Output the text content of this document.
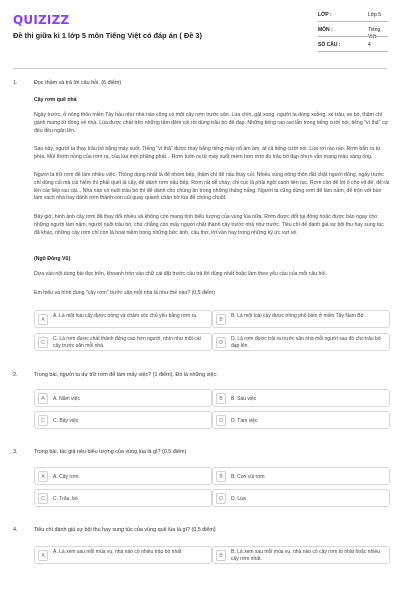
QUIZIZZ
Đề thi giữa kì 1 lớp 5 môn Tiếng Việt có đáp án ( Đề 3)
LỚP :	Lớp 5
MÔN :	Tiếng Việt
SỐ CÂU :	4
1.	Đọc thầm và trả lời câu hỏi. (6 điểm)
Cây rơm quê nhà
Ngày trước, ở nông thôn miền Tây hầu như nhà nào cũng có một cây rơm trước sân. Lúa chín, gặt xong, người ta dùng xuồng, xe trâu, xe bò, thậm chí gánh mang từ đồng về nhà. Lúa được chất trên những tấm đệm cói rồi dùng trâu bò để đạp. Những tiếng rao rao lẫn trong tiếng cười nói, tiếng "vì thả" cự đêu đều ngân lên.
Sau nấy, người ta thay trâu bò bằng máy suốt. Tiếng "vì thả" được thay bằng tiếng máy nổ ầm ầm, át cả tiếng cười nói. Lúa rơi rào rào. Rơm bắn ra tứ phía. Mùi thơm nồng của rơm rạ, của lúa mới phảng phất... Rơm tuôn ra từ máy suốt mềm hơn rơm do trâu bò đạp nhưn vẫn mang màu vàng óng.
Người ta trữ rơm để làm nhiều việc. Thông dụng nhất là để nhóm bếp, thậm chí để nấu thay củi. Nhiều vùng nông thôn đất chật người đông, ngày trước chỉ dùng củi mà củi hiếm thì phải quét lá cây, để dành rơm nấu bếp. Rơm rất dễ cháy, chỉ cục lả phải ngồi canh liên tục. Rơm còn để lót ổ cho vịt đẻ, để rải lên các liếp rau cải... Nhà nào có nuôi trâu bò thì để dành cho chúng ăn trong những tháng nắng. Người ta cũng dùng rơm để làm nấm, để trộn với bùn làm vách nhà hay đánh rơm thành con cúi quay quanh chân bờ lúa để chống chuột.
Bây giờ, hình ảnh cây rơm đã thay đổi nhiều và không còn mang tính biểu tượng của vùng lúa nữa. Rơm được đốt tại đồng hoặc được bán ngay cho những người làm nấm, người nuôi trâu bò, chứ chẳng còn mấy người chất thành cây trước nhà như trước. Tiêu chí để đánh giá sự bội thu hay sung túc đã khác, những cây rơm chỉ còn là hoài niệm trong những bức ảnh, câu thơ, lời văn hay trong những ký ức vựt về.
(Ngô Đông Vũ)
Dựa vào nội dung bài đọc trên, khoanh tròn vào chữ cái đặt trước câu trả lời đúng nhất hoặc làm theo yêu cầu của mỗi câu hỏi.
Em hiểu và hình dung "cây rơm" trước sân mỗi nhà là như thế nào? (0,5 điểm)
A
A. Là một loài cây được trồng và chăm sóc chủ yếu bằng rơm rạ.
B
B. Là một loài cây được trồng phổ biến ở miền Tây Nam Bộ.
C
C. Là rơm được chất thành đống cao hơn người, nhìn như một cái cây trước sân mỗi nhà.	D
D. Là rơm được trải ra trước sân nhà mỗi người sau đó cho trâu bò đạp lên.
2.	Trong bài, người ta dự trữ rơm để làm mấy việc? (1 điểm). Đó là những việc:
A	A. Năm việc	B	B. Sáu việc
C	C. Bảy việc	D	D. Tám việc
3.	Trong bài, tác giả nêu biểu tượng của vùng lúa là gì? (0,5 điểm)
A	A. Cây rơm	B	B. Con cúi rơm
C	C. Trâu, bò	D	D. Lúa
4.	Tiêu chí đánh giá sự bội thu hay sung túc của vùng quê lúa là gì? (0,5 điểm)
A
A. Là xem sau mỗi mùa vụ, nhà nào có nhiều trâu bò nhất
B
B. Là xem sau mỗi mùa vụ, nhà nào có cây rơm to nhất hoặc nhiều cây rơm nhất.
